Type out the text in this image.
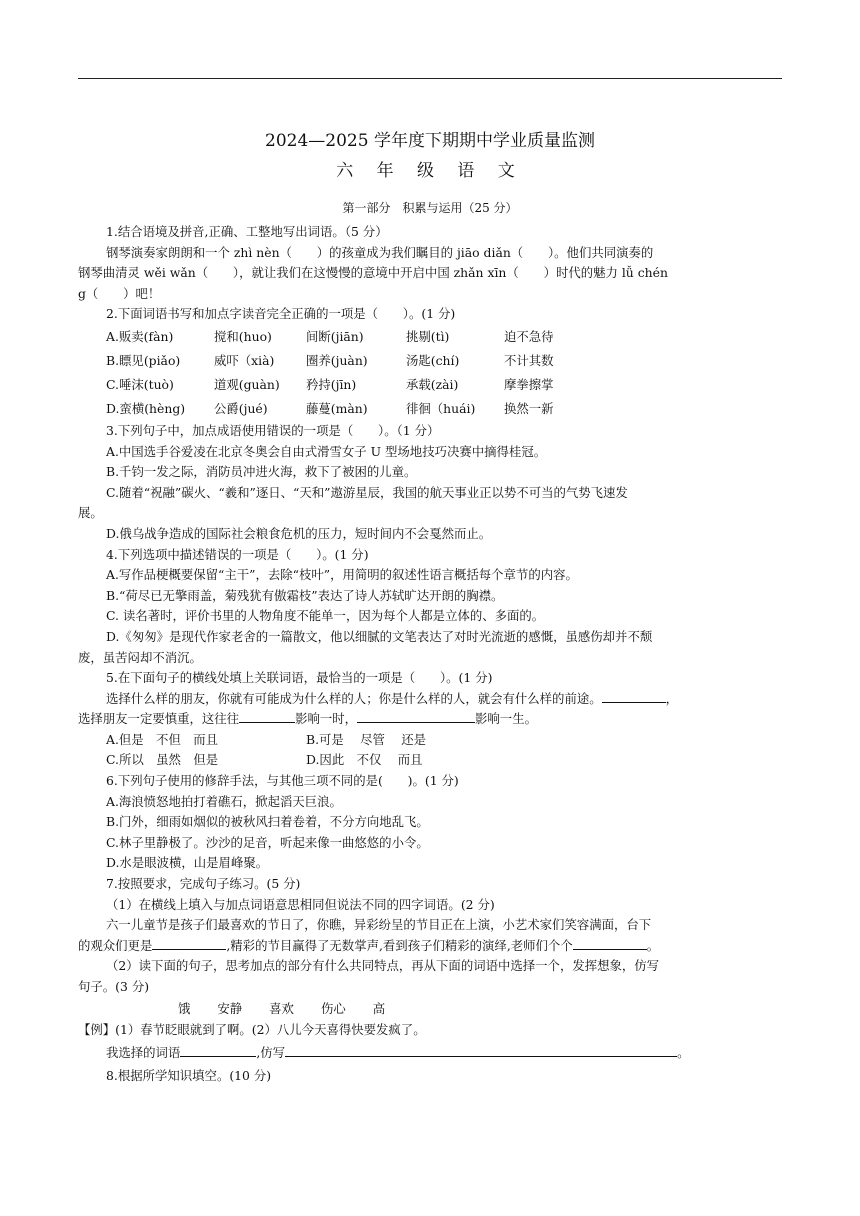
2024—2025 学年度下期期中学业质量监测

六 年 级 语 文

第一部分　积累与运用（25 分）

1.结合语境及拼音,正确、工整地写出词语。（5 分）

钢琴演奏家朗朗和一个 zhì nèn（　　）的孩童成为我们瞩目的 jiāo diǎn（　　）。他们共同演奏的

钢琴曲清灵 wěi wǎn（　　），就让我们在这慢慢的意境中开启中国 zhǎn xīn（　　）时代的魅力 lǚ chén

g（　　）吧！

2.下面词语书写和加点字读音完全正确的一项是（　　）。(1 分)

A.贩卖(fàn)	搅和(huo)	间断(jiān)	挑剔(tì)	迫不急待
B.瞟见(piǎo)	威吓（xià)	圈养(juàn)	汤匙(chí)	不计其数
C.唾沫(tuò)	道观(guàn)	矜持(jīn)	承载(zài)	摩拳擦掌
D.蛮横(hèng)	公爵(jué)	藤蔓(màn)	徘徊（huái)	换然一新

3.下列句子中，加点成语使用错误的一项是（　　）。（1 分）

A.中国选手谷爱凌在北京冬奥会自由式滑雪女子 U 型场地技巧决赛中摘得桂冠。

B.千钧一发之际，消防员冲进火海，救下了被困的儿童。

C.随着“祝融”碳火、“羲和”逐日、“天和”遨游星辰，我国的航天事业正以势不可当的气势飞速发

展。

D.俄乌战争造成的国际社会粮食危机的压力，短时间内不会戛然而止。

4.下列选项中描述错误的一项是（　　）。(1 分)

A.写作品梗概要保留“主干”，去除“枝叶”，用简明的叙述性语言概括每个章节的内容。

B.“荷尽已无擎雨盖，菊残犹有傲霜枝”表达了诗人苏轼旷达开朗的胸襟。

C. 读名著时，评价书里的人物角度不能单一，因为每个人都是立体的、多面的。

D.《匆匆》是现代作家老舍的一篇散文，他以细腻的文笔表达了对时光流逝的感慨，虽感伤却并不颓

废，虽苦闷却不消沉。

5.在下面句子的横线处填上关联词语，最恰当的一项是（　　）。(1 分)

选择什么样的朋友，你就有可能成为什么样的人；你是什么样的人，就会有什么样的前途。	，

选择朋友一定要慎重，这往往	影响一时，	影响一生。

A.但是　不但　而且	B.可是　 尽管　 还是
C.所以　虽然　但是	D.因此　不仅　 而且

6.下列句子使用的修辞手法，与其他三项不同的是(　　)。(1 分)

A.海浪愤怒地拍打着礁石，掀起滔天巨浪。

B.门外，细雨如烟似的被秋风扫着卷着，不分方向地乱飞。

C.林子里静极了。沙沙的足音，听起来像一曲悠悠的小令。

D.水是眼波横，山是眉峰聚。

7.按照要求，完成句子练习。(5 分)

（1）在横线上填入与加点词语意思相同但说法不同的四字词语。(2 分)

六一儿童节是孩子们最喜欢的节日了，你瞧，异彩纷呈的节目正在上演，小艺术家们笑容满面，台下

的观众们更是	,精彩的节目赢得了无数掌声,看到孩子们精彩的演绎,老师们个个	。

（2）读下面的句子，思考加点的部分有什么共同特点，再从下面的词语中选择一个，发挥想象，仿写

句子。(3 分)

饿 安静 喜欢 伤心 高

【例】(1）春节眨眼就到了啊。(2）八儿今天喜得快要发疯了。

我选择的词语	,仿写	。

8.根据所学知识填空。(10 分)
